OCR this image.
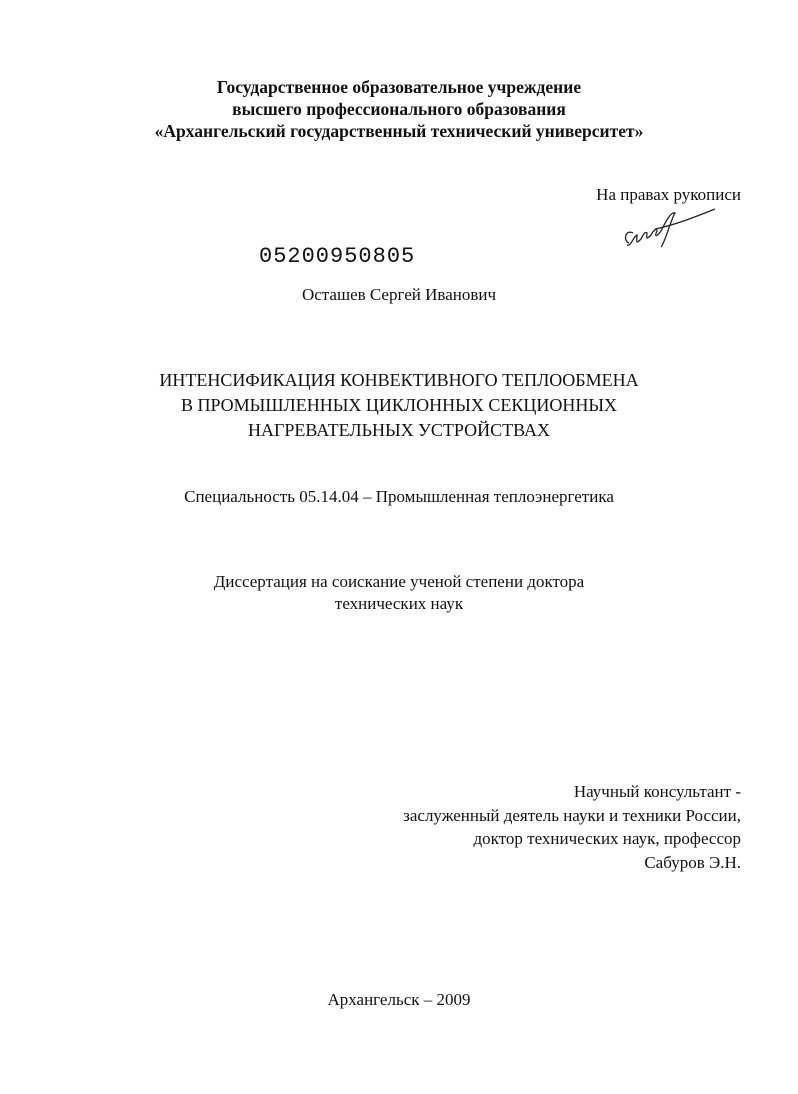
Государственное образовательное учреждение
высшего профессионального образования
«Архангельский государственный технический университет»
На правах рукописи
05200950805
Осташев Сергей Иванович
ИНТЕНСИФИКАЦИЯ КОНВЕКТИВНОГО ТЕПЛООБМЕНА
В ПРОМЫШЛЕННЫХ ЦИКЛОННЫХ СЕКЦИОННЫХ
НАГРЕВАТЕЛЬНЫХ УСТРОЙСТВАХ
Специальность 05.14.04 – Промышленная теплоэнергетика
Диссертация на соискание ученой степени доктора
технических наук
Научный консультант -
заслуженный деятель науки и техники России,
доктор технических наук, профессор
Сабуров Э.Н.
Архангельск – 2009
